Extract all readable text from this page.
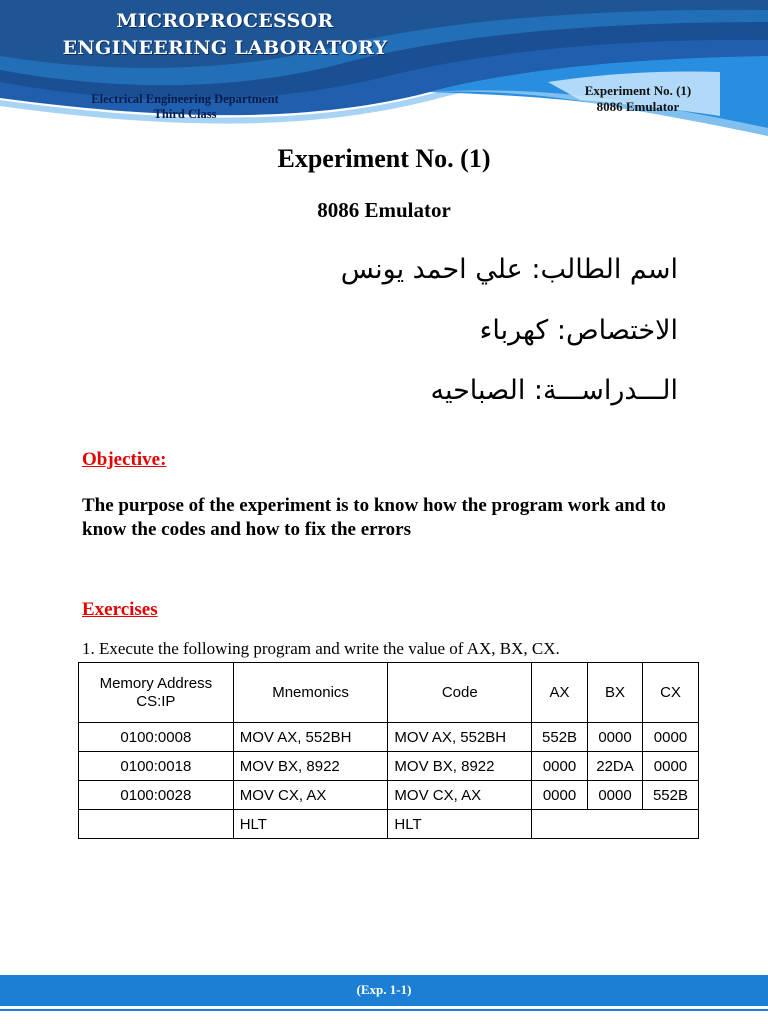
MICROPROCESSOR
ENGINEERING LABORATORY
Electrical Engineering Department
Third Class
Experiment No. (1)
8086 Emulator
Experiment No. (1)
8086 Emulator
اسم الطالب: علي احمد يونس
الاختصاص: كهرباء
الـــدراســـة: الصباحيه
Objective:
The purpose of the experiment is to know how the program work and to know the codes and how to fix the errors
Exercises
1. Execute the following program and write the value of AX, BX, CX.
Memory Address CS:IP	Mnemonics	Code	AX	BX	CX
0100:0008	MOV AX, 552BH	MOV AX, 552BH	552B	0000	0000
0100:0018	MOV BX, 8922	MOV BX, 8922	0000	22DA	0000
0100:0028	MOV CX, AX	MOV CX, AX	0000	0000	552B
	HLT	HLT			
(Exp. 1-1)
